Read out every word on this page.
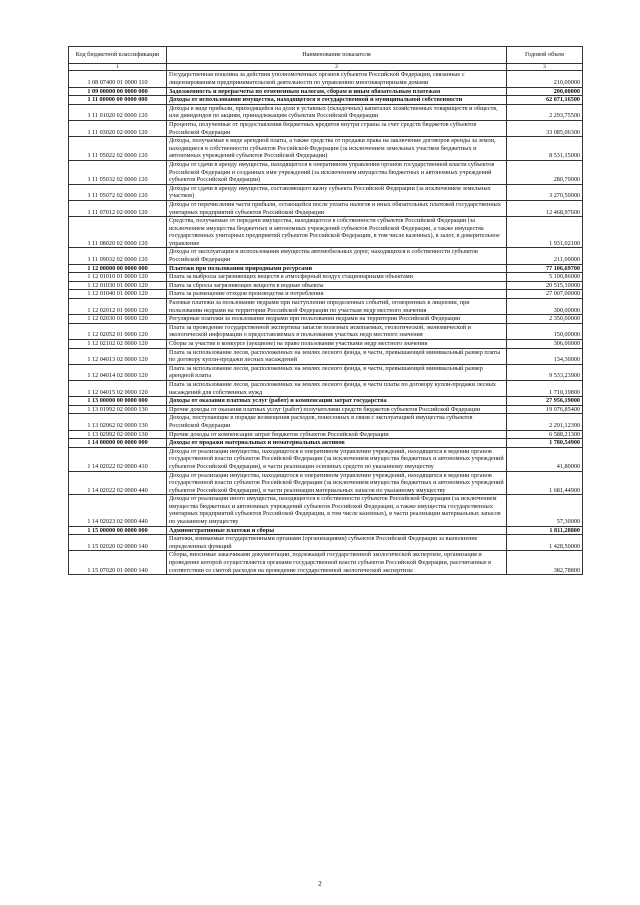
Код бюджетной классификации	Наименование показателя	Годовой объем
1	2	3
1 08 07400 01 0000 110	Государственная пошлина за действия уполномоченных органов субъектов Российской Федерации, связанные с лицензированием предпринимательской деятельности по управлению многоквартирными домами	210,00000
1 09 00000 00 0000 000	Задолженность и перерасчеты по отмененным налогам, сборам и иным обязательным платежам	200,00000
1 11 00000 00 0000 000	Доходы от использования имущества, находящегося в государственной и муниципальной собственности	62 071,16500
1 11 01020 02 0000 120	Доходы в виде прибыли, приходящейся на доли в уставных (складочных) капиталах хозяйственных товариществ и обществ, или дивидендов по акциям, принадлежащим субъектам Российской Федерации	2 293,75500
1 11 03020 02 0000 120	Проценты, полученные от предоставления бюджетных кредитов внутри страны за счет средств бюджетов субъектов Российской Федерации	33 085,06300
1 11 05022 02 0000 120	Доходы, получаемые в виде арендной платы, а также средства от продажи права на заключение договоров аренды за земли, находящиеся в собственности субъектов Российской Федерации (за исключением земельных участков бюджетных и автономных учреждений субъектов Российской Федерации)	8 531,15000
1 11 05032 02 0000 120	Доходы от сдачи в аренду имущества, находящегося в оперативном управлении органов государственной власти субъектов Российской Федерации и созданных ими учреждений (за исключением имущества бюджетных и автономных учреждений субъектов Российской Федерации)	280,70000
1 11 05072 02 0000 120	Доходы от сдачи в аренду имущества, составляющего казну субъекта Российской Федерации (за исключением земельных участков)	3 270,50000
1 11 07012 02 0000 120	Доходы от перечисления части прибыли, остающейся после уплаты налогов и иных обязательных платежей государственных унитарных предприятий субъектов Российской Федерации	12 468,97600
1 11 08020 02 0000 120	Средства, получаемые от передачи имущества, находящегося в собственности субъектов Российской Федерации (за исключением имущества бюджетных и автономных учреждений субъектов Российской Федерации, а также имущества государственных унитарных предприятий субъектов Российской Федерации, в том числе казенных), в залог, в доверительное управление	1 931,02100
1 11 09032 02 0000 120	Доходы от эксплуатации и использования имущества автомобильных дорог, находящихся в собственности субъектов Российской Федерации	211,00000
1 12 00000 00 0000 000	Платежи при пользовании природными ресурсами	77 106,69700
1 12 01010 01 0000 120	Плата за выбросы загрязняющих веществ в атмосферный воздух стационарными объектами	5 100,86000
1 12 01030 01 0000 120	Плата за сбросы загрязняющих веществ в водные объекты	20 515,10000
1 12 01040 01 0000 120	Плата за размещение отходов производства и потребления	27 007,00000
1 12 02012 01 0000 120	Разовые платежи за пользование недрами при наступлении определенных событий, оговоренных в лицензии, при пользовании недрами на территории Российской Федерации по участкам недр местного значения	300,00000
1 12 02030 01 0000 120	Регулярные платежи за пользование недрами при пользовании недрами на территории Российской Федерации	2 350,00000
1 12 02052 01 0000 120	Плата за проведение государственной экспертизы запасов полезных ископаемых, геологической, экономической и экологической информации о предоставляемых в пользование участках недр местного значения	150,00000
1 12 02102 02 0000 120	Сборы за участие в конкурсе (аукционе) на право пользования участками недр местного значения	306,00000
1 12 04013 02 0000 120	Плата за использование лесов, расположенных на землях лесного фонда, в части, превышающей минимальный размер платы по договору купли-продажи лесных насаждений	134,30000
1 12 04014 02 0000 120	Плата за использование лесов, расположенных на землях лесного фонда, в части, превышающей минимальный размер арендной платы	9 533,23900
1 12 04015 02 0000 120	Плата за использование лесов, расположенных на землях лесного фонда, в части платы по договору купли-продажи лесных насаждений для собственных нужд	1 710,19800
1 13 00000 00 0000 000	Доходы от оказания платных услуг (работ) и компенсации затрат государства	27 956,19000
1 13 01992 02 0000 130	Прочие доходы от оказания платных услуг (работ) получателями средств бюджетов субъектов Российской Федерации	19 076,85400
1 13 02062 02 0000 130	Доходы, поступающие в порядке возмещения расходов, понесенных в связи с эксплуатацией имущества субъектов Российской Федерации	2 291,12300
1 13 02992 02 0000 130	Прочие доходы от компенсации затрат бюджетов субъектов Российской Федерации	6 588,21300
1 14 00000 00 0000 000	Доходы от продажи материальных и нематериальных активов	1 780,54900
1 14 02022 02 0000 410	Доходы от реализации имущества, находящегося в оперативном управлении учреждений, находящихся в ведении органов государственной власти субъектов Российской Федерации (за исключением имущества бюджетных и автономных учреждений субъектов Российской Федерации), в части реализации основных средств по указанному имуществу	41,80000
1 14 02022 02 0000 440	Доходы от реализации имущества, находящегося в оперативном управлении учреждений, находящихся в ведении органов государственной власти субъектов Российской Федерации (за исключением имущества бюджетных и автономных учреждений субъектов Российской Федерации), в части реализации материальных запасов по указанному имуществу	1 681,44900
1 14 02023 02 0000 440	Доходы от реализации иного имущества, находящегося в собственности субъектов Российской Федерации (за исключением имущества бюджетных и автономных учреждений субъектов Российской Федерации, а также имущества государственных унитарных предприятий субъектов Российской Федерации, в том числе казенных), в части реализации материальных запасов по указанному имуществу	57,30000
1 15 00000 00 0000 000	Административные платежи и сборы	1 811,28800
1 15 02020 02 0000 140	Платежи, взимаемые государственными органами (организациями) субъектов Российской Федерации за выполнение определенных функций	1 428,50000
1 15 07020 01 0000 140	Сборы, вносимые заказчиками документации, подлежащей государственной экологической экспертизе, организация и проведение которой осуществляется органами государственной власти субъектов Российской Федерации, рассчитанные в соответствии со сметой расходов на проведение государственной экологической экспертизы	382,78800
2
